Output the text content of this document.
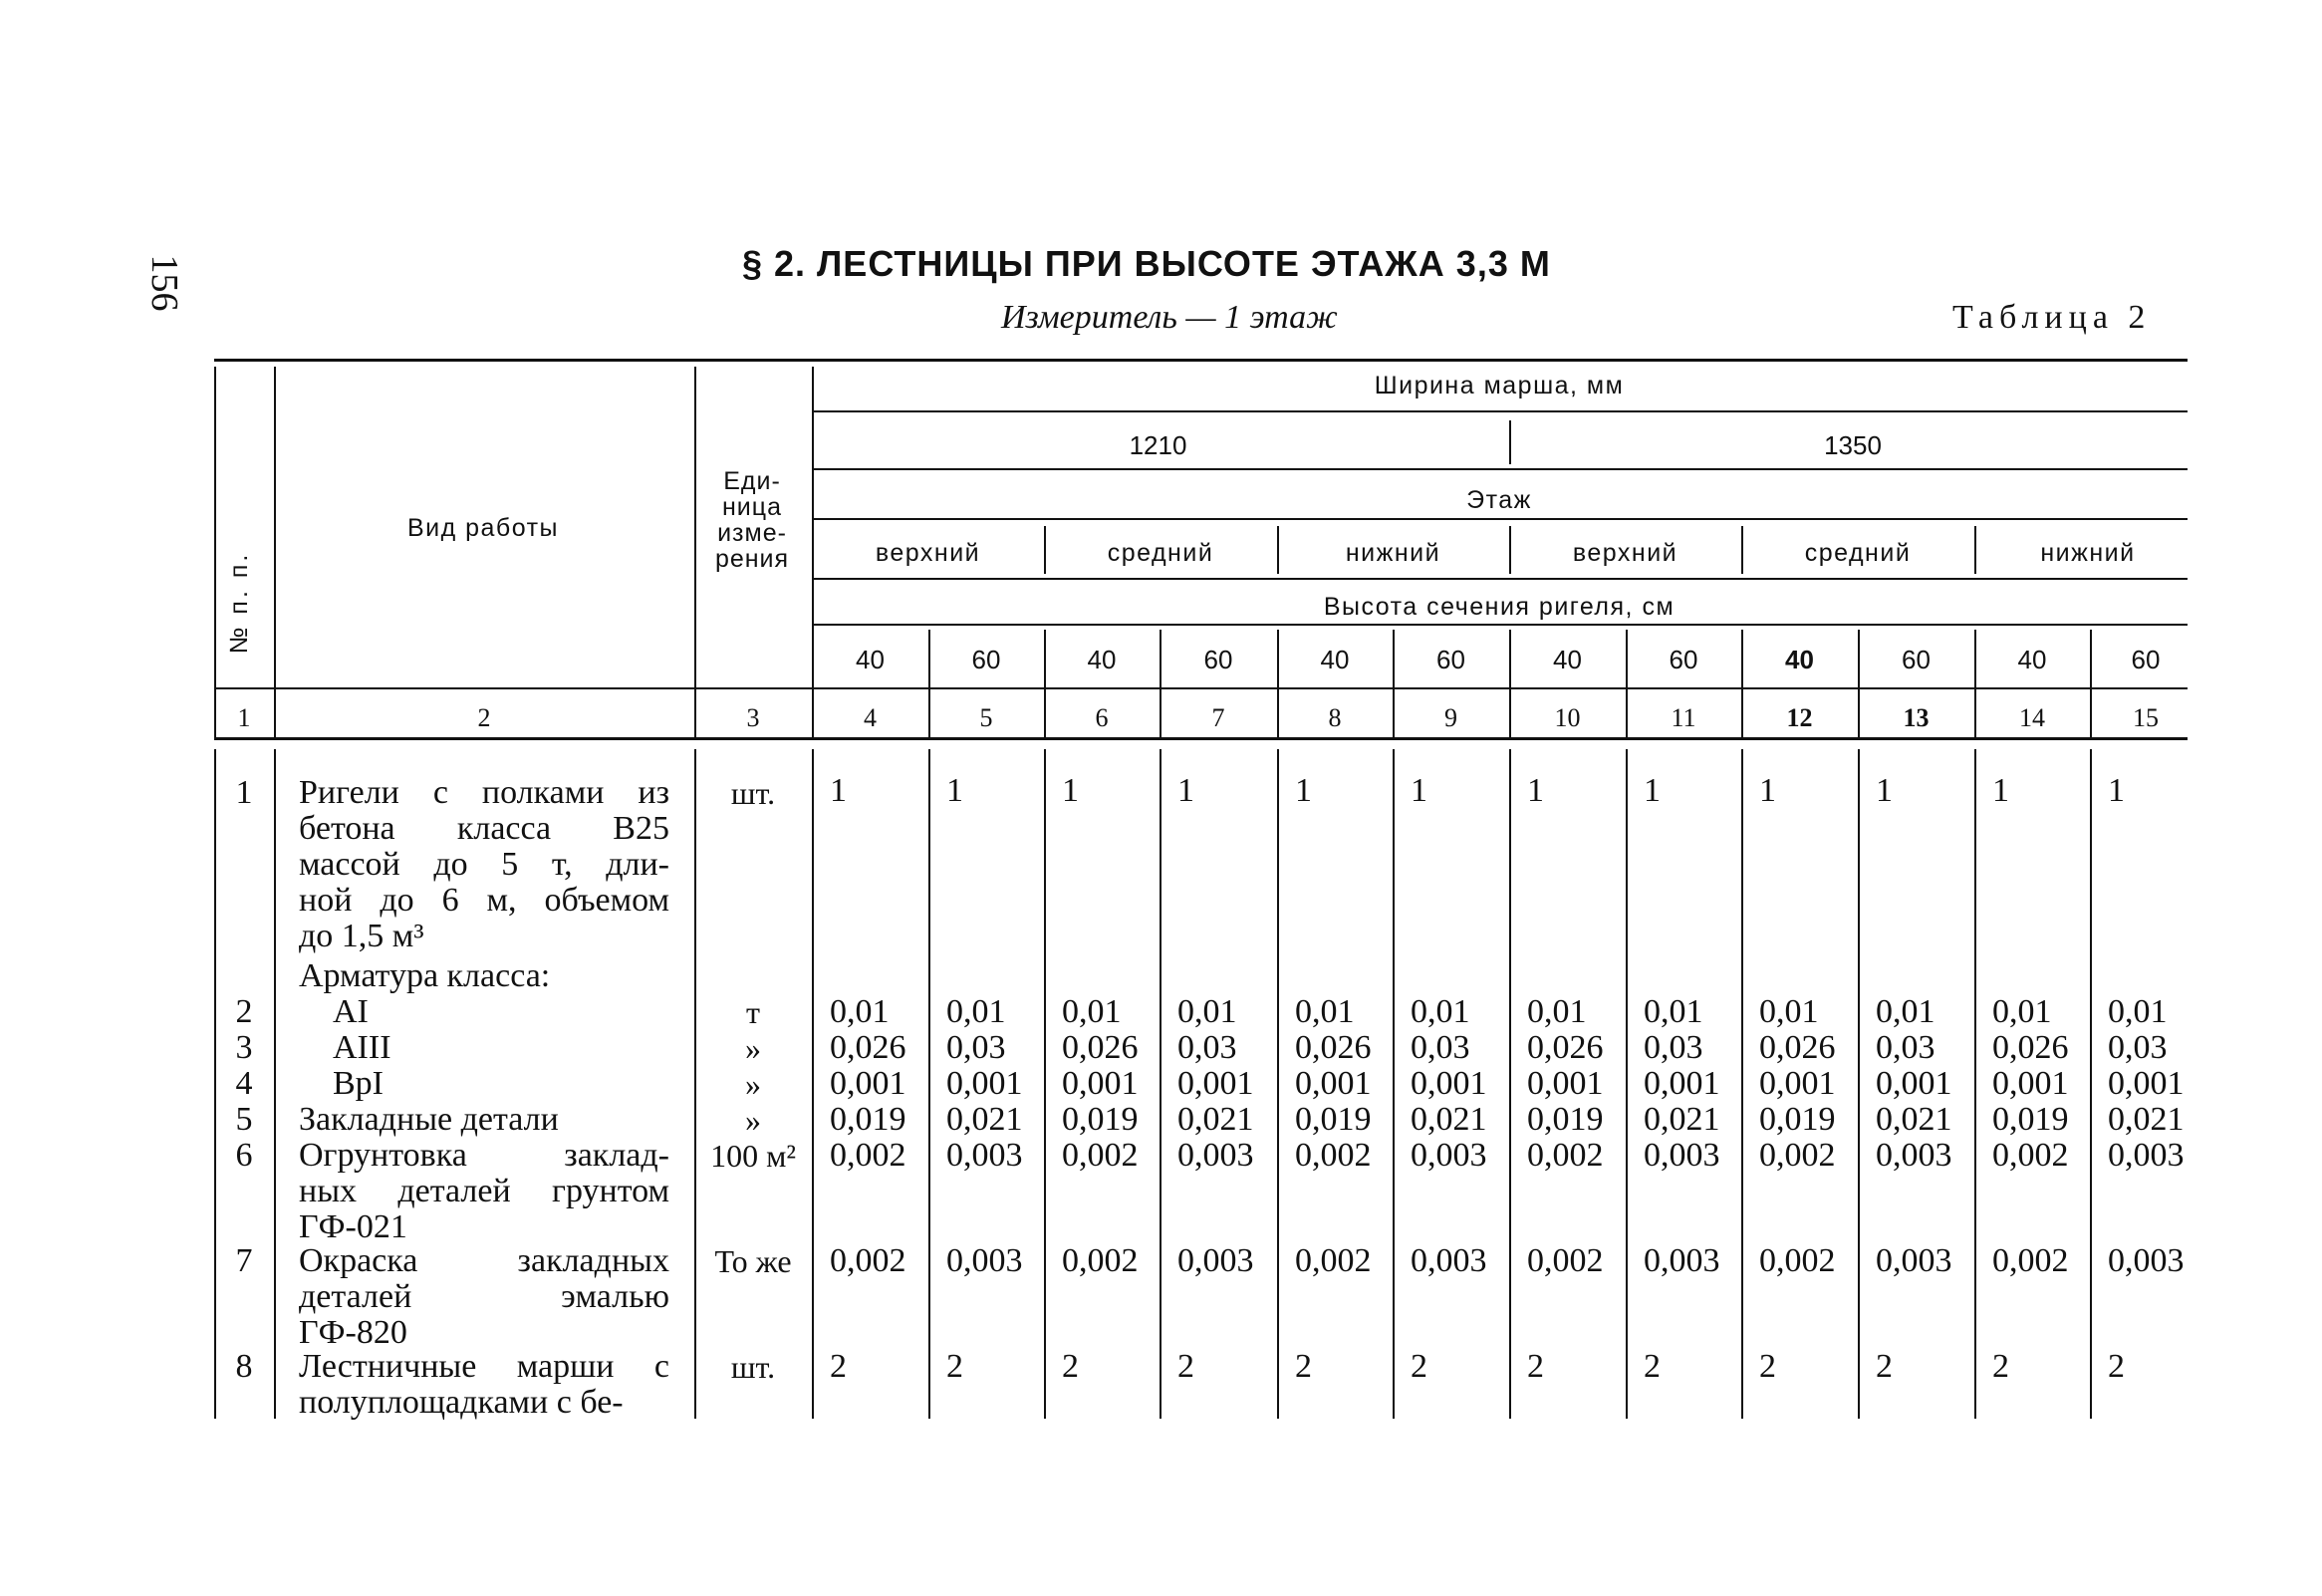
156	§ 2. ЛЕСТНИЦЫ ПРИ ВЫСОТЕ ЭТАЖА 3,3 М
Измеритель — 1 этаж	Таблица 2
№ п. п.
Вид работы
Еди-
ница
изме-
рения
Ширина марша, мм
1210	1350
Этаж
Высота сечения ригеля, см
верхний	средний	нижний	верхний	средний	нижний
40	60	40	60	40	60	40	60	40	60	40	60
1	2	3	4	5	6	7	8	9	10	11	12	13	14	15
1	Ригели с полками из
бетона класса В25
массой до 5 т, дли-
ной до 6 м, объемом
до 1,5 м³
шт.	1	1	1	1	1	1	1	1	1	1	1	1
Арматура класса:
2	AI	т	0,01	0,01	0,01	0,01	0,01	0,01	0,01	0,01	0,01	0,01	0,01	0,01
3	AIII	»	0,026	0,03	0,026	0,03	0,026	0,03	0,026	0,03	0,026	0,03	0,026	0,03
4	BpI	»	0,001	0,001	0,001	0,001	0,001	0,001	0,001	0,001	0,001	0,001	0,001	0,001
5	Закладные детали	»	0,019	0,021	0,019	0,021	0,019	0,021	0,019	0,021	0,019	0,021	0,019	0,021
6	Огрунтовка заклад-
ных деталей грунтом
ГФ-021
100 м²	0,002	0,003	0,002	0,003	0,002	0,003	0,002	0,003	0,002	0,003	0,002	0,003
7	Окраска закладных
деталей эмалью
ГФ-820
То же	0,002	0,003	0,002	0,003	0,002	0,003	0,002	0,003	0,002	0,003	0,002	0,003
8	Лестничные марши с
полуплощадками с бе-
шт.	2	2	2	2	2	2	2	2	2	2	2	2
